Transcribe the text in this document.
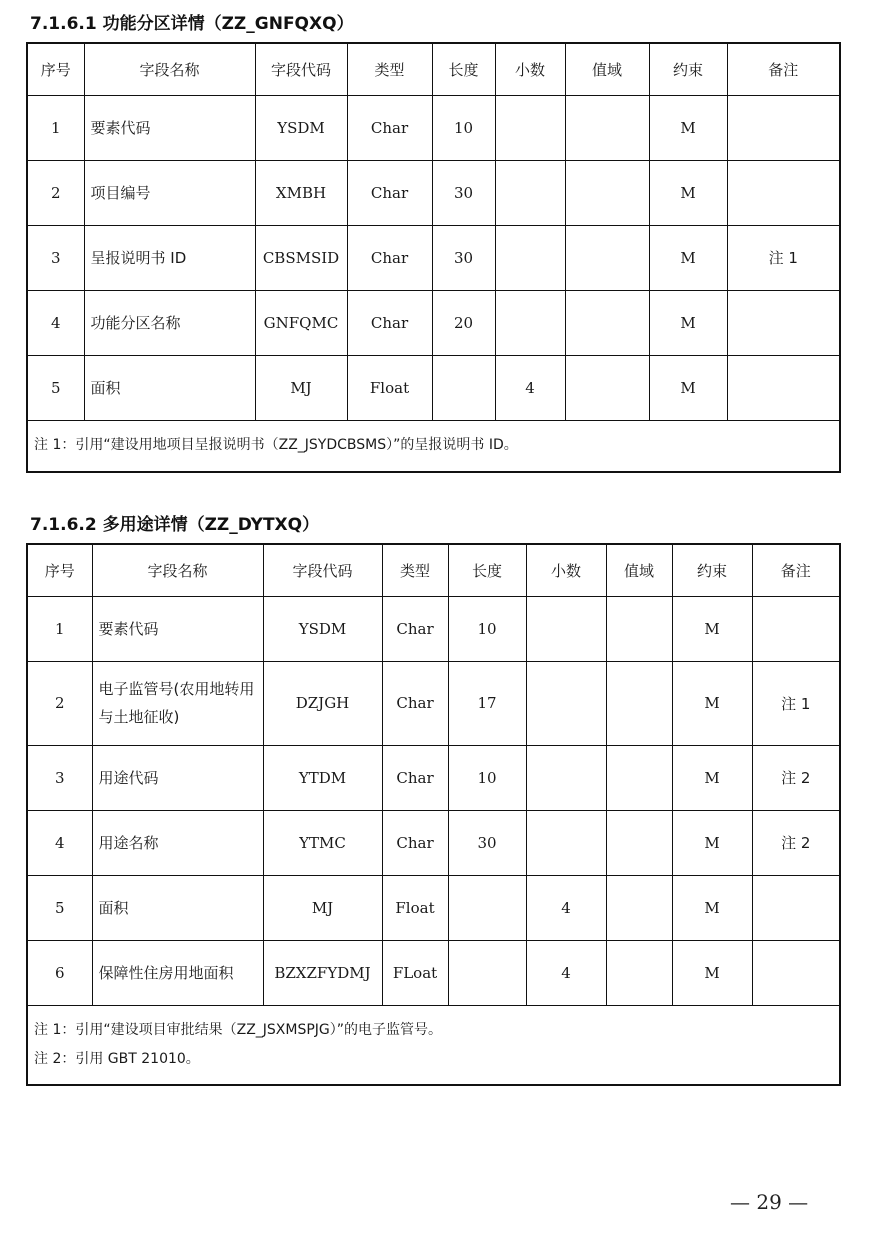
7.1.6.1 功能分区详情（ZZ_GNFQXQ）
序号	字段名称	字段代码	类型	长度	小数	值域	约束	备注
1	要素代码	YSDM	Char	10			M	
2	项目编号	XMBH	Char	30			M	
3	呈报说明书 ID	CBSMSID	Char	30			M	注 1
4	功能分区名称	GNFQMC	Char	20			M	
5	面积	MJ	Float		4		M	

注 1：引用“建设用地项目呈报说明书（ZZ_JSYDCBSMS）”的呈报说明书 ID。								
7.1.6.2 多用途详情（ZZ_DYTXQ）
序号	字段名称	字段代码	类型	长度	小数	值域	约束	备注
1	要素代码	YSDM	Char	10			M	
2	电子监管号(农用地转用与土地征收)	DZJGH	Char	17			M	注 1
3	用途代码	YTDM	Char	10			M	注 2
4	用途名称	YTMC	Char	30			M	注 2
5	面积	MJ	Float		4		M	
6	保障性住房用地面积	BZXZFYDMJ	FLoat		4		M	

注 1：引用“建设项目审批结果（ZZ_JSXMSPJG）”的电子监管号。
注 2：引用 GBT 21010。								
— 29 —
